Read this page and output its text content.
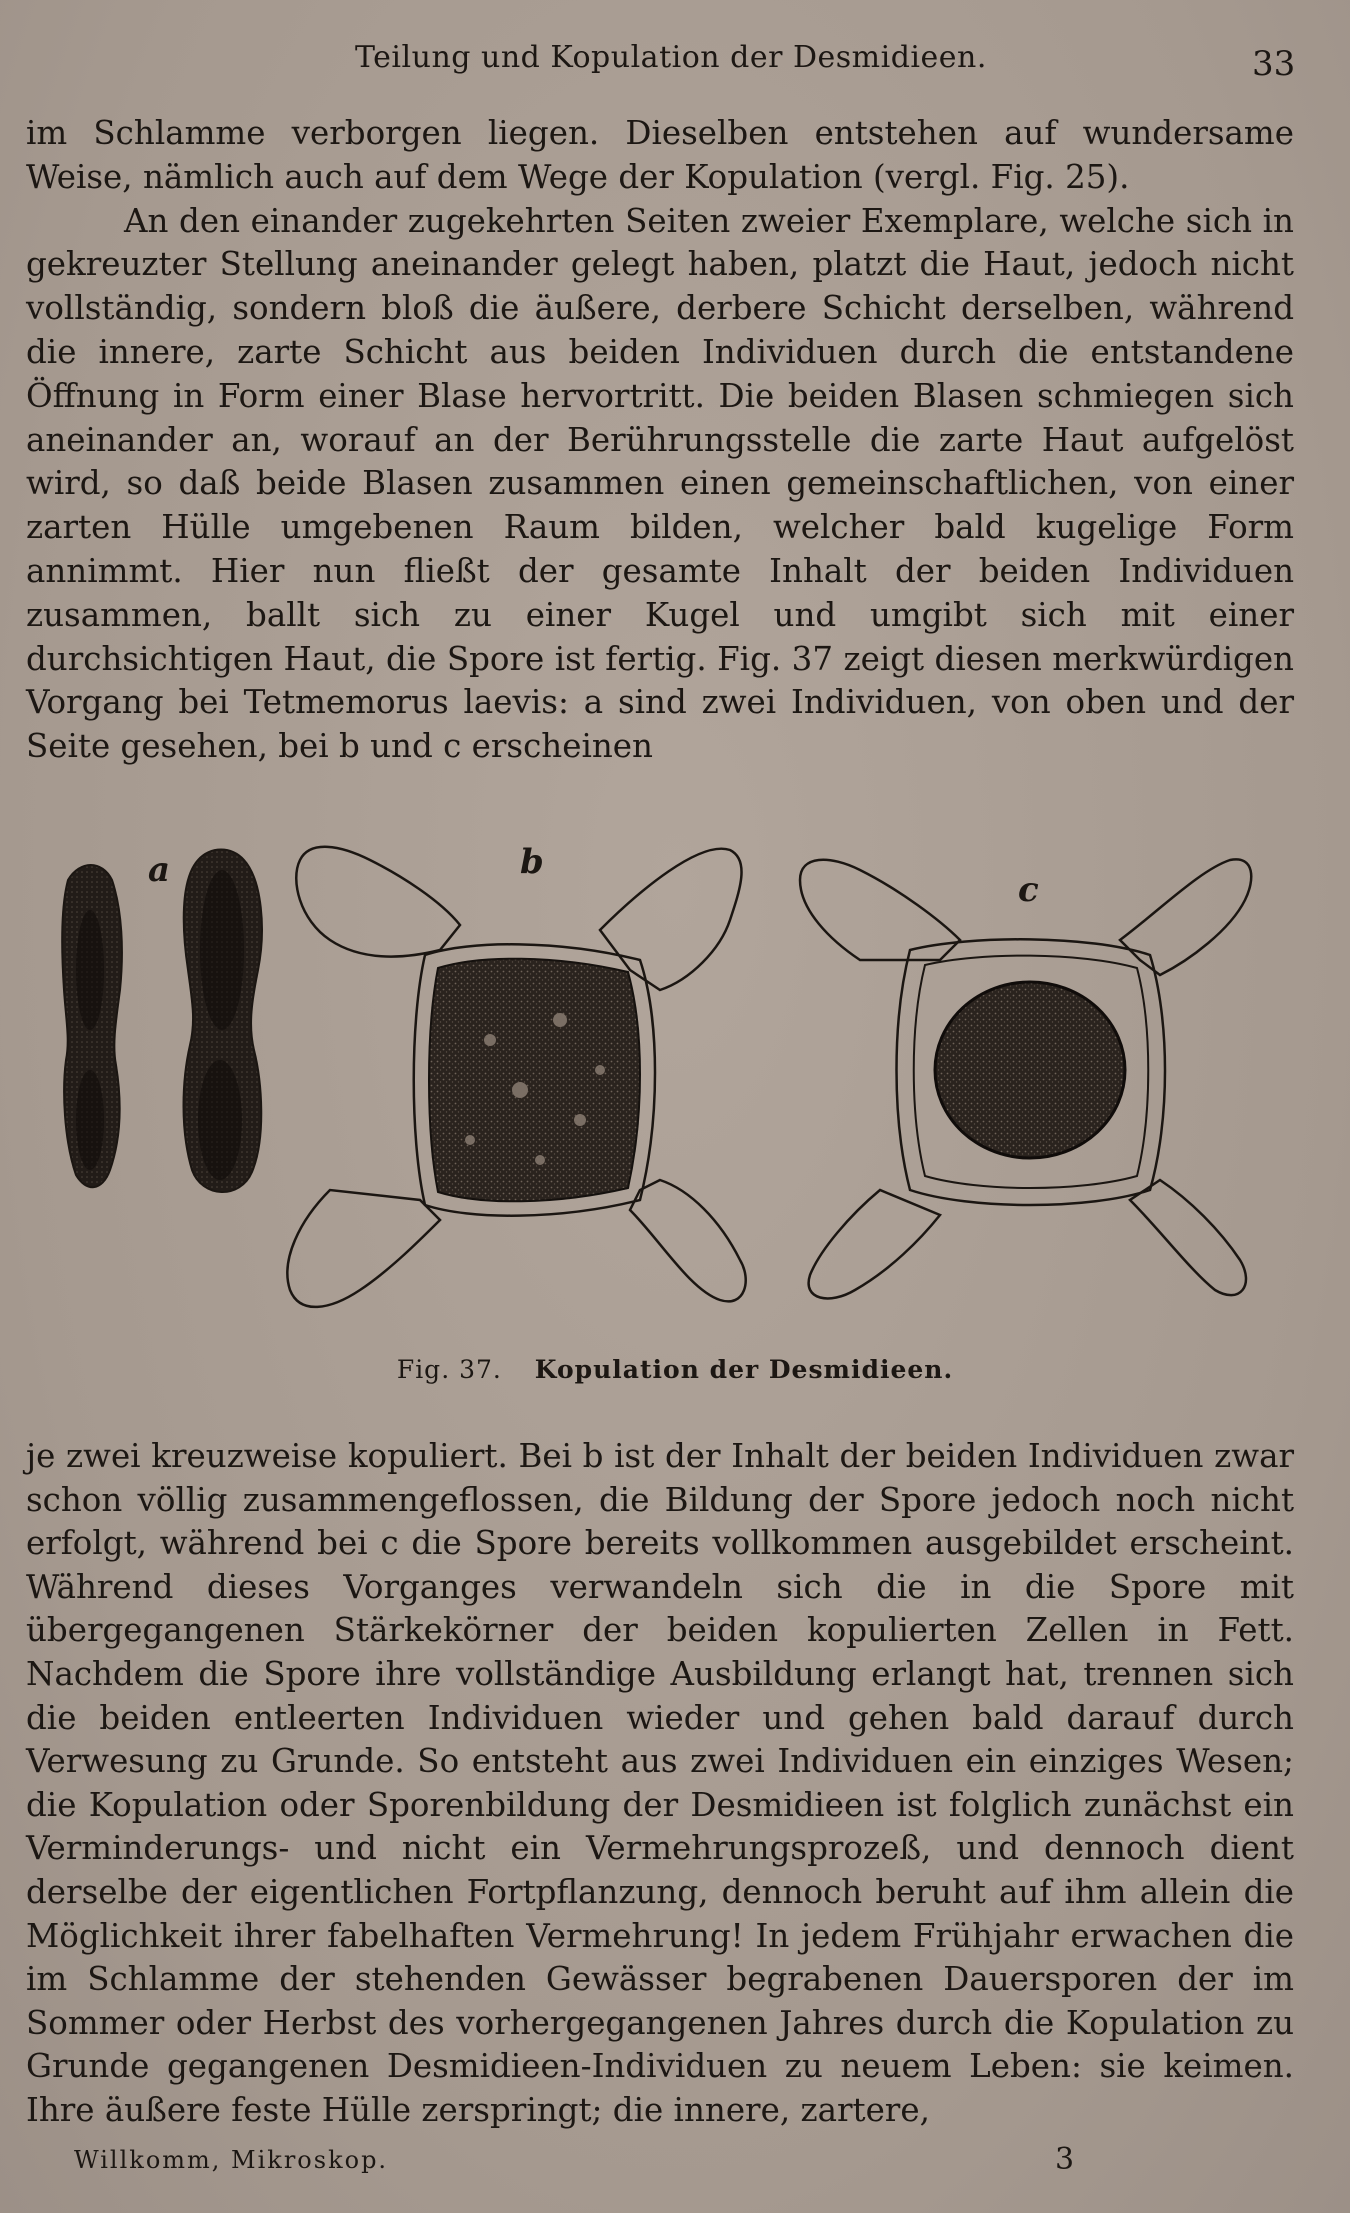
Teilung und Kopulation der Desmidieen.	33

im Schlamme verborgen liegen. Dieselben entstehen auf wundersame Weise, nämlich auch auf dem Wege der Kopulation (vergl. Fig. 25).

An den einander zugekehrten Seiten zweier Exemplare, welche sich in gekreuzter Stellung aneinander gelegt haben, platzt die Haut, jedoch nicht vollständig, sondern bloß die äußere, derbere Schicht derselben, während die innere, zarte Schicht aus beiden Individuen durch die entstandene Öffnung in Form einer Blase hervortritt. Die beiden Blasen schmiegen sich aneinander an, worauf an der Berührungsstelle die zarte Haut aufgelöst wird, so daß beide Blasen zusammen einen gemeinschaftlichen, von einer zarten Hülle umgebenen Raum bilden, welcher bald kugelige Form annimmt. Hier nun fließt der gesamte Inhalt der beiden Individuen zusammen, ballt sich zu einer Kugel und umgibt sich mit einer durchsichtigen Haut, die Spore ist fertig. Fig. 37 zeigt diesen merkwürdigen Vorgang bei Tetmemorus laevis: a sind zwei Individuen, von oben und der Seite gesehen, bei b und c erscheinen

a	b
c
Fig. 37. Kopulation der Desmidieen.

je zwei kreuzweise kopuliert. Bei b ist der Inhalt der beiden Individuen zwar schon völlig zusammengeflossen, die Bildung der Spore jedoch noch nicht erfolgt, während bei c die Spore bereits vollkommen ausgebildet erscheint. Während dieses Vorganges verwandeln sich die in die Spore mit übergegangenen Stärkekörner der beiden kopulierten Zellen in Fett. Nachdem die Spore ihre vollständige Ausbildung erlangt hat, trennen sich die beiden entleerten Individuen wieder und gehen bald darauf durch Verwesung zu Grunde. So entsteht aus zwei Individuen ein einziges Wesen; die Kopulation oder Sporenbildung der Desmidieen ist folglich zunächst ein Verminderungs- und nicht ein Vermehrungsprozeß, und dennoch dient derselbe der eigentlichen Fortpflanzung, dennoch beruht auf ihm allein die Möglichkeit ihrer fabelhaften Vermehrung! In jedem Frühjahr erwachen die im Schlamme der stehenden Gewässer begrabenen Dauersporen der im Sommer oder Herbst des vorhergegangenen Jahres durch die Kopulation zu Grunde gegangenen Desmidieen-Individuen zu neuem Leben: sie keimen. Ihre äußere feste Hülle zerspringt; die innere, zartere,

Willkomm, Mikroskop.	3
